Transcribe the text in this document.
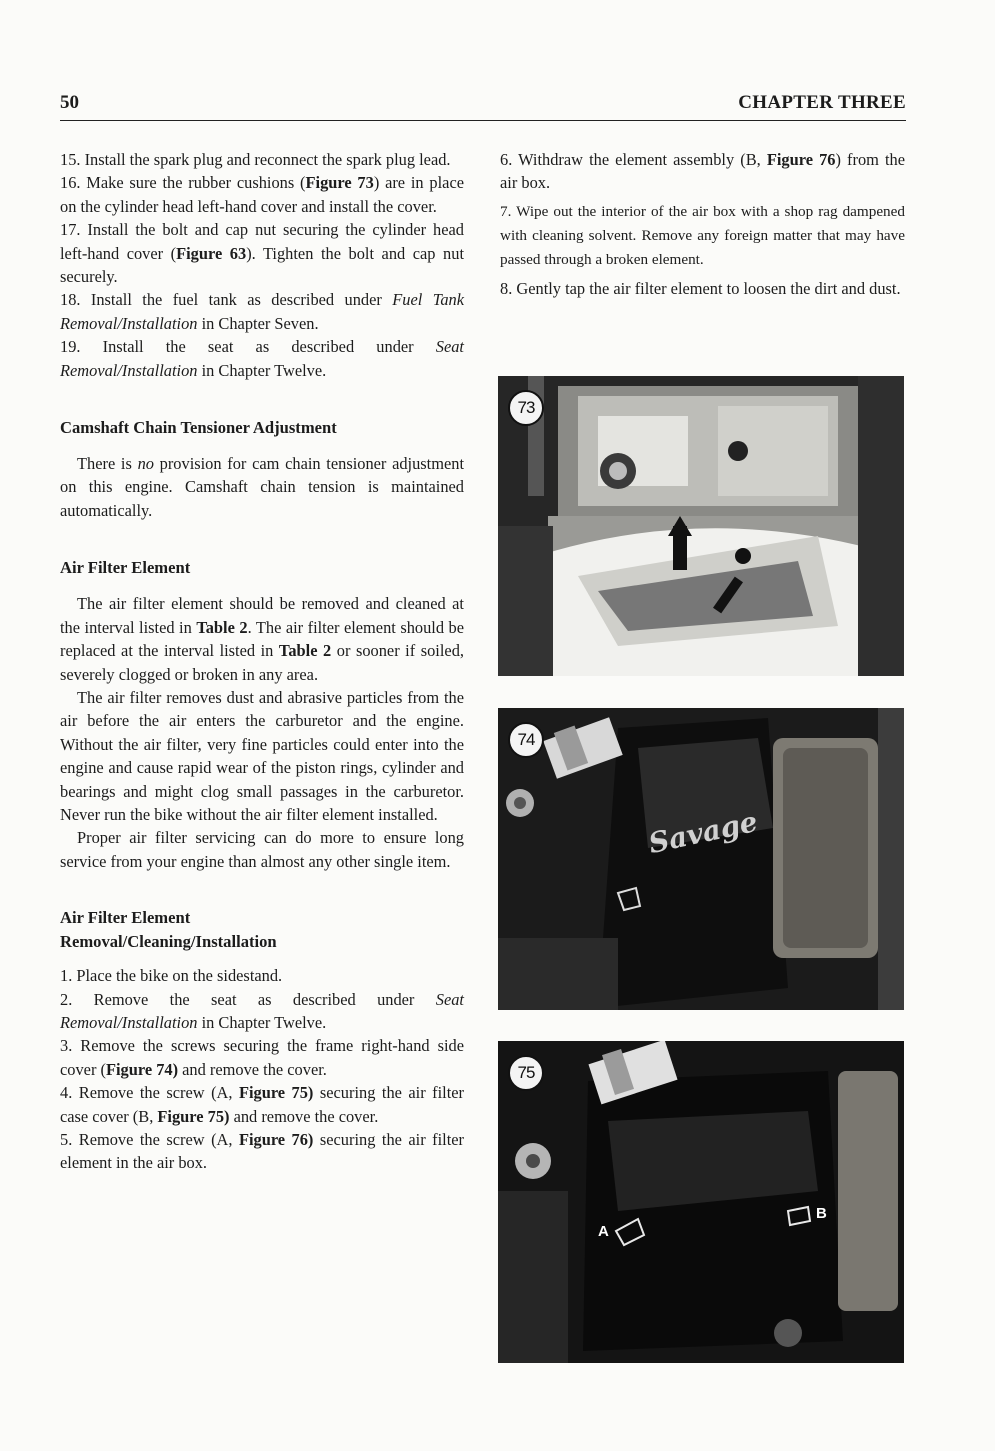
50	CHAPTER THREE

15. Install the spark plug and reconnect the spark plug lead.

16. Make sure the rubber cushions (Figure 73) are in place on the cylinder head left-hand cover and install the cover.

17. Install the bolt and cap nut securing the cylinder head left-hand cover (Figure 63). Tighten the bolt and cap nut securely.

18. Install the fuel tank as described under Fuel Tank Removal/Installation in Chapter Seven.

19. Install the seat as described under Seat Removal/Installation in Chapter Twelve.

Camshaft Chain Tensioner Adjustment

There is no provision for cam chain tensioner adjustment on this engine. Camshaft chain tension is maintained automatically.

Air Filter Element

The air filter element should be removed and cleaned at the interval listed in Table 2. The air filter element should be replaced at the interval listed in Table 2 or sooner if soiled, severely clogged or broken in any area.

The air filter removes dust and abrasive particles from the air before the air enters the carburetor and the engine. Without the air filter, very fine particles could enter into the engine and cause rapid wear of the piston rings, cylinder and bearings and might clog small passages in the carburetor. Never run the bike without the air filter element installed.

Proper air filter servicing can do more to ensure long service from your engine than almost any other single item.

Air Filter Element
Removal/Cleaning/Installation

1. Place the bike on the sidestand.

2. Remove the seat as described under Seat Removal/Installation in Chapter Twelve.

3. Remove the screws securing the frame right-hand side cover (Figure 74) and remove the cover.

4. Remove the screw (A, Figure 75) securing the air filter case cover (B, Figure 75) and remove the cover.

5. Remove the screw (A, Figure 76) securing the air filter element in the air box.

6. Withdraw the element assembly (B, Figure 76) from the air box.

7. Wipe out the interior of the air box with a shop rag dampened with cleaning solvent. Remove any foreign matter that may have passed through a broken element.

8. Gently tap the air filter element to loosen the dirt and dust.

73
Savage
74
A
B
75
